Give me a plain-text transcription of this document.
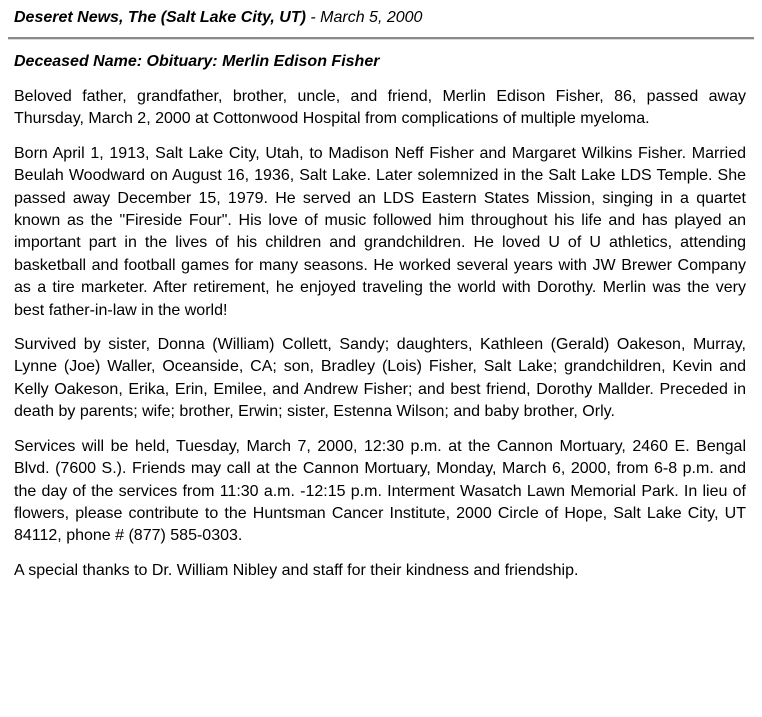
Deseret News, The (Salt Lake City, UT) - March 5, 2000
Deceased Name: Obituary: Merlin Edison Fisher

Beloved father, grandfather, brother, uncle, and friend, Merlin Edison Fisher, 86, passed away Thursday, March 2, 2000 at Cottonwood Hospital from complications of multiple myeloma.

Born April 1, 1913, Salt Lake City, Utah, to Madison Neff Fisher and Margaret Wilkins Fisher. Married Beulah Woodward on August 16, 1936, Salt Lake. Later solemnized in the Salt Lake LDS Temple. She passed away December 15, 1979. He served an LDS Eastern States Mission, singing in a quartet known as the "Fireside Four". His love of music followed him throughout his life and has played an important part in the lives of his children and grandchildren. He loved U of U athletics, attending basketball and football games for many seasons. He worked several years with JW Brewer Company as a tire marketer. After retirement, he enjoyed traveling the world with Dorothy. Merlin was the very best father-in-law in the world!

Survived by sister, Donna (William) Collett, Sandy; daughters, Kathleen (Gerald) Oakeson, Murray, Lynne (Joe) Waller, Oceanside, CA; son, Bradley (Lois) Fisher, Salt Lake; grandchildren, Kevin and Kelly Oakeson, Erika, Erin, Emilee, and Andrew Fisher; and best friend, Dorothy Mallder. Preceded in death by parents; wife; brother, Erwin; sister, Estenna Wilson; and baby brother, Orly.

Services will be held, Tuesday, March 7, 2000, 12:30 p.m. at the Cannon Mortuary, 2460 E. Bengal Blvd. (7600 S.). Friends may call at the Cannon Mortuary, Monday, March 6, 2000, from 6-8 p.m. and the day of the services from 11:30 a.m. -12:15 p.m. Interment Wasatch Lawn Memorial Park. In lieu of flowers, please contribute to the Huntsman Cancer Institute, 2000 Circle of Hope, Salt Lake City, UT 84112, phone # (877) 585-0303.

A special thanks to Dr. William Nibley and staff for their kindness and friendship.
